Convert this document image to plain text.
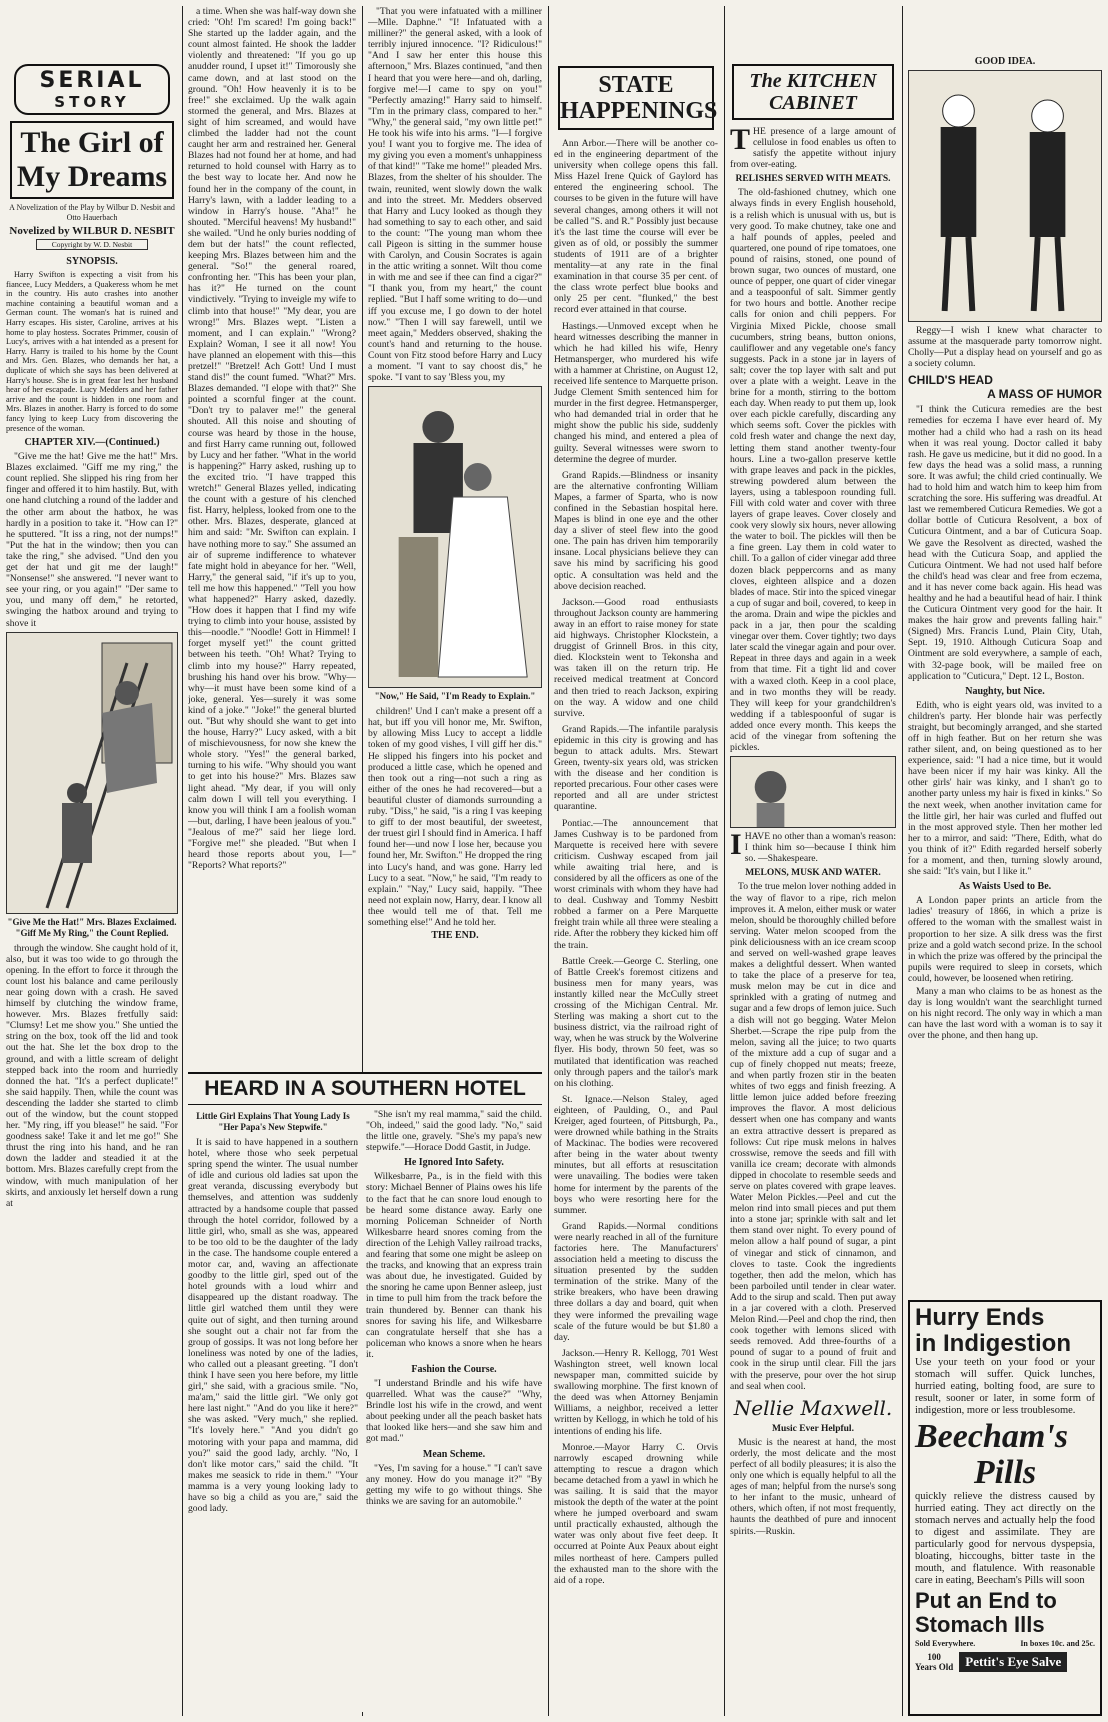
SERIAL
STORY
The Girl of
My Dreams
A Novelization of the Play by Wilbur D. Nesbit and Otto Hauerbach
Novelized by WILBUR D. NESBIT
Copyright by W. D. Nesbit
SYNOPSIS.

Harry Swifton is expecting a visit from his fiancee, Lucy Medders, a Quakeress whom he met in the country. His auto crashes into another machine containing a beautiful woman and a German count. The woman's hat is ruined and Harry escapes. His sister, Caroline, arrives at his home to play hostess. Socrates Primmer, cousin of Lucy's, arrives with a hat intended as a present for Harry. Harry is trailed to his home by the Count and Mrs. Gen. Blazes, who demands her hat, a duplicate of which she says has been delivered at Harry's house. She is in great fear lest her husband hear of her escapade. Lucy Medders and her father arrive and the count is hidden in one room and Mrs. Blazes in another. Harry is forced to do some fancy lying to keep Lucy from discovering the presence of the woman.

CHAPTER XIV.—(Continued.)

"Give me the hat! Give me the hat!" Mrs. Blazes exclaimed. "Giff me my ring," the count replied. She slipped his ring from her finger and offered it to him hastily. But, with one hand clutching a round of the ladder and the other arm about the hatbox, he was hardly in a position to take it. "How can I?" he sputtered. "It iss a ring, not der numps!" "Put the hat in the window; then you can take the ring," she advised. "Und den you get der hat und git me der laugh!" "Nonsense!" she answered. "I never want to see your ring, or you again!" "Der same to you, und many off dem," he retorted, swinging the hatbox around and trying to shove it

"Give Me the Hat!" Mrs. Blazes Exclaimed. "Giff Me My Ring," the Count Replied.

through the window. She caught hold of it, also, but it was too wide to go through the opening. In the effort to force it through the count lost his balance and came perilously near going down with a crash. He saved himself by clutching the window frame, however. Mrs. Blazes fretfully said: "Clumsy! Let me show you." She untied the string on the box, took off the lid and took out the hat. She let the box drop to the ground, and with a little scream of delight stepped back into the room and hurriedly donned the hat. "It's a perfect duplicate!" she said happily. Then, while the count was descending the ladder she started to climb out of the window, but the count stopped her. "My ring, iff you blease!" he said. "For goodness sake! Take it and let me go!" She thrust the ring into his hand, and he ran down the ladder and steadied it at the bottom. Mrs. Blazes carefully crept from the window, with much manipulation of her skirts, and anxiously let herself down a rung at

a time. When she was half-way down she cried: "Oh! I'm scared! I'm going back!" She started up the ladder again, and the count almost fainted. He shook the ladder violently and threatened: "If you go up anudder round, I upset it!" Timorously she came down, and at last stood on the ground. "Oh! How heavenly it is to be free!" she exclaimed. Up the walk again stormed the general, and Mrs. Blazes at sight of him screamed, and would have climbed the ladder had not the count caught her arm and restrained her. General Blazes had not found her at home, and had returned to hold counsel with Harry as to the best way to locate her. And now he found her in the company of the count, in Harry's lawn, with a ladder leading to a window in Harry's house. "Aha!" he shouted. "Merciful heavens! My husband!" she wailed. "Und he only buries nodding of dem but der hats!" the count reflected, keeping Mrs. Blazes between him and the general. "So!" the general roared, confronting her. "This has been your plan, has it?" He turned on the count vindictively. "Trying to inveigle my wife to climb into that house!" "My dear, you are wrong!" Mrs. Blazes wept. "Listen a moment, and I can explain." "Wrong? Explain? Woman, I see it all now! You have planned an elopement with this—this pretzel!" "Bretzel! Ach Gott! Und I must stand dis!" the count fumed. "What?" Mrs. Blazes demanded. "I elope with that?" She pointed a scornful finger at the count. "Don't try to palaver me!" the general shouted. All this noise and shouting of course was heard by those in the house, and first Harry came running out, followed by Lucy and her father. "What in the world is happening?" Harry asked, rushing up to the excited trio. "I have trapped this wretch!" General Blazes yelled, indicating the count with a gesture of his clenched fist. Harry, helpless, looked from one to the other. Mrs. Blazes, desperate, glanced at him and said: "Mr. Swifton can explain. I have nothing more to say." She assumed an air of supreme indifference to whatever fate might hold in abeyance for her. "Well, Harry," the general said, "if it's up to you, tell me how this happened." "Tell you how what happened?" Harry asked, dazedly. "How does it happen that I find my wife trying to climb into your house, assisted by this—noodle." "Noodle! Gott in Himmel! I forget myself yet!" the count gritted between his teeth. "Oh! What? Trying to climb into my house?" Harry repeated, brushing his hand over his brow. "Why—why—it must have been some kind of a joke, general. Yes—surely it was some kind of a joke." "Joke!" the general blurted out. "But why should she want to get into the house, Harry?" Lucy asked, with a bit of mischievousness, for now she knew the whole story. "Yes!" the general barked, turning to his wife. "Why should you want to get into his house?" Mrs. Blazes saw light ahead. "My dear, if you will only calm down I will tell you everything. I know you will think I am a foolish woman—but, darling, I have been jealous of you." "Jealous of me?" said her liege lord. "Forgive me!" she pleaded. "But when I heard those reports about you, I—" "Reports? What reports?"

"That you were infatuated with a milliner—Mlle. Daphne." "I! Infatuated with a milliner?" the general asked, with a look of terribly injured innocence. "I? Ridiculous!" "And I saw her enter this house this afternoon," Mrs. Blazes continued, "and then I heard that you were here—and oh, darling, forgive me!—I came to spy on you!" "Perfectly amazing!" Harry said to himself. "I'm in the primary class, compared to her." "Why," the general said, "my own little pet!" He took his wife into his arms. "I—I forgive you! I want you to forgive me. The idea of my giving you even a moment's unhappiness of that kind!" "Take me home!" pleaded Mrs. Blazes, from the shelter of his shoulder. The twain, reunited, went slowly down the walk and into the street. Mr. Medders observed that Harry and Lucy looked as though they had something to say to each other, and said to the count: "The young man whom thee call Pigeon is sitting in the summer house with Carolyn, and Cousin Socrates is again in the attic writing a sonnet. Wilt thou come in with me and see if thee can find a cigar?" "I thank you, from my heart," the count replied. "But I haff some writing to do—und iff you excuse me, I go down to der hotel now." "Then I will say farewell, until we meet again," Medders observed, shaking the count's hand and returning to the house. Count von Fitz stood before Harry and Lucy a moment. "I vant to say choost dis," he spoke. "I vant to say 'Bless you, my

"Now," He Said, "I'm Ready to Explain."

children!' Und I can't make a present off a hat, but iff you vill honor me, Mr. Swifton, by allowing Miss Lucy to accept a liddle token of my good vishes, I vill giff her dis." He slipped his fingers into his pocket and produced a little case, which he opened and then took out a ring—not such a ring as either of the ones he had recovered—but a beautiful cluster of diamonds surrounding a ruby. "Diss," he said, "is a ring I vas keeping to giff to der most beautiful, der sweetest, der truest girl I should find in America. I haff found her—und now I lose her, because you found her, Mr. Swifton." He dropped the ring into Lucy's hand, and was gone. Harry led Lucy to a seat. "Now," he said, "I'm ready to explain." "Nay," Lucy said, happily. "Thee need not explain now, Harry, dear. I know all thee would tell me of that. Tell me something else!" And he told her.

THE END.
HEARD IN A SOUTHERN HOTEL
Little Girl Explains That Young Lady Is "Her Papa's New Stepwife."

It is said to have happened in a southern hotel, where those who seek perpetual spring spend the winter. The usual number of idle and curious old ladies sat upon the great veranda, discussing everybody but themselves, and attention was suddenly attracted by a handsome couple that passed through the hotel corridor, followed by a little girl, who, small as she was, appeared to be too old to be the daughter of the lady in the case. The handsome couple entered a motor car, and, waving an affectionate goodby to the little girl, sped out of the hotel grounds with a loud whirr and disappeared up the distant roadway. The little girl watched them until they were quite out of sight, and then turning around she sought out a chair not far from the group of gossips. It was not long before her loneliness was noted by one of the ladies, who called out a pleasant greeting. "I don't think I have seen you here before, my little girl," she said, with a gracious smile. "No, ma'am," said the little girl. "We only got here last night." "And do you like it here?" she was asked. "Very much," she replied. "It's lovely here." "And you didn't go motoring with your papa and mamma, did you?" said the good lady, archly. "No, I don't like motor cars," said the child. "It makes me seasick to ride in them." "Your mamma is a very young looking lady to have so big a child as you are," said the good lady.

"She isn't my real mamma," said the child. "Oh, indeed," said the good lady. "No," said the little one, gravely. "She's my papa's new stepwife."—Horace Dodd Gastit, in Judge.

He Ignored Into Safety.

Wilkesbarre, Pa., is in the field with this story: Michael Benner of Plains owes his life to the fact that he can snore loud enough to be heard some distance away. Early one morning Policeman Schneider of North Wilkesbarre heard snores coming from the direction of the Lehigh Valley railroad tracks, and fearing that some one might be asleep on the tracks, and knowing that an express train was about due, he investigated. Guided by the snoring he came upon Benner asleep, just in time to pull him from the track before the train thundered by. Benner can thank his snores for saving his life, and Wilkesbarre can congratulate herself that she has a policeman who knows a snore when he hears it.

Fashion the Course.

"I understand Brindle and his wife have quarrelled. What was the cause?" "Why, Brindle lost his wife in the crowd, and went about peeking under all the peach basket hats that looked like hers—and she saw him and got mad."

Mean Scheme.

"Yes, I'm saving for a house." "I can't save any money. How do you manage it?" "By getting my wife to go without things. She thinks we are saving for an automobile."

STATE
HAPPENINGS

Ann Arbor.—There will be another co-ed in the engineering department of the university when college opens this fall. Miss Hazel Irene Quick of Gaylord has entered the engineering school. The courses to be given in the future will have several changes, among others it will not be called "S. and R." Possibly just because it's the last time the course will ever be given as of old, or possibly the summer students of 1911 are of a brighter mentality—at any rate in the final examination in that course 35 per cent. of the class wrote perfect blue books and only 25 per cent. "flunked," the best record ever attained in that course.

Hastings.—Unmoved except when he heard witnesses describing the manner in which he had killed his wife, Henry Hetmansperger, who murdered his wife with a hammer at Christine, on August 12, received life sentence to Marquette prison. Judge Clement Smith sentenced him for murder in the first degree. Hetmansperger, who had demanded trial in order that he might show the public his side, suddenly changed his mind, and entered a plea of guilty. Several witnesses were sworn to determine the degree of murder.

Grand Rapids.—Blindness or insanity are the alternative confronting William Mapes, a farmer of Sparta, who is now confined in the Sebastian hospital here. Mapes is blind in one eye and the other day a sliver of steel flew into the good one. The pain has driven him temporarily insane. Local physicians believe they can save his mind by sacrificing his good optic. A consultation was held and the above decision reached.

Jackson.—Good road enthusiasts throughout Jackson county are hammering away in an effort to raise money for state aid highways. Christopher Klockstein, a druggist of Grinnell Bros. in this city, died. Klockstein went to Tekonsha and was taken ill on the return trip. He received medical treatment at Concord and then tried to reach Jackson, expiring on the way. A widow and one child survive.

Grand Rapids.—The infantile paralysis epidemic in this city is growing and has begun to attack adults. Mrs. Stewart Green, twenty-six years old, was stricken with the disease and her condition is reported precarious. Four other cases were reported and all are under strictest quarantine.

Pontiac.—The announcement that James Cushway is to be pardoned from Marquette is received here with severe criticism. Cushway escaped from jail while awaiting trial here, and is considered by all the officers as one of the worst criminals with whom they have had to deal. Cushway and Tommy Nesbitt robbed a farmer on a Pere Marquette freight train while all three were stealing a ride. After the robbery they kicked him off the train.

Battle Creek.—George C. Sterling, one of Battle Creek's foremost citizens and business men for many years, was instantly killed near the McCully street crossing of the Michigan Central. Mr. Sterling was making a short cut to the business district, via the railroad right of way, when he was struck by the Wolverine flyer. His body, thrown 50 feet, was so mutilated that identification was reached only through papers and the tailor's mark on his clothing.

St. Ignace.—Nelson Staley, aged eighteen, of Paulding, O., and Paul Kreiger, aged fourteen, of Pittsburgh, Pa., were drowned while bathing in the Straits of Mackinac. The bodies were recovered after being in the water about twenty minutes, but all efforts at resuscitation were unavailing. The bodies were taken home for interment by the parents of the boys who were resorting here for the summer.

Grand Rapids.—Normal conditions were nearly reached in all of the furniture factories here. The Manufacturers' association held a meeting to discuss the situation presented by the sudden termination of the strike. Many of the strike breakers, who have been drawing three dollars a day and board, quit when they were informed the prevailing wage scale of the future would be but $1.80 a day.

Jackson.—Henry R. Kellogg, 701 West Washington street, well known local newspaper man, committed suicide by swallowing morphine. The first known of the deed was when Attorney Benjamin Williams, a neighbor, received a letter written by Kellogg, in which he told of his intentions of ending his life.

Monroe.—Mayor Harry C. Orvis narrowly escaped drowning while attempting to rescue a dragon which became detached from a yawl in which he was sailing. It is said that the mayor mistook the depth of the water at the point where he jumped overboard and swam until practically exhausted, although the water was only about five feet deep. It occurred at Pointe Aux Peaux about eight miles northeast of here. Campers pulled the exhausted man to the shore with the aid of a rope.

The KITCHEN
CABINET

THE presence of a large amount of cellulose in food enables us often to satisfy the appetite without injury from over-eating.

RELISHES SERVED WITH MEATS.

The old-fashioned chutney, which one always finds in every English household, is a relish which is unusual with us, but is very good. To make chutney, take one and a half pounds of apples, peeled and quartered, one pound of ripe tomatoes, one pound of raisins, stoned, one pound of brown sugar, two ounces of mustard, one ounce of pepper, one quart of cider vinegar and a teaspoonful of salt. Simmer gently for two hours and bottle. Another recipe calls for onion and chili peppers. For Virginia Mixed Pickle, choose small cucumbers, string beans, button onions, cauliflower and any vegetable one's fancy suggests. Pack in a stone jar in layers of salt; cover the top layer with salt and put over a plate with a weight. Leave in the brine for a month, stirring to the bottom each day. When ready to put them up, look over each pickle carefully, discarding any which seems soft. Cover the pickles with cold fresh water and change the next day, letting them stand another twenty-four hours. Line a two-gallon preserve kettle with grape leaves and pack in the pickles, strewing powdered alum between the layers, using a tablespoon rounding full. Fill with cold water and cover with three layers of grape leaves. Cover closely and cook very slowly six hours, never allowing the water to boil. The pickles will then be a fine green. Lay them in cold water to chill. To a gallon of cider vinegar add three dozen black peppercorns and as many cloves, eighteen allspice and a dozen blades of mace. Stir into the spiced vinegar a cup of sugar and boil, covered, to keep in the aroma. Drain and wipe the pickles and pack in a jar, then pour the scalding vinegar over them. Cover tightly; two days later scald the vinegar again and pour over. Repeat in three days and again in a week from that time. Fit a tight lid and cover with a waxed cloth. Keep in a cool place, and in two months they will be ready. They will keep for your grandchildren's wedding if a tablespoonful of sugar is added once every month. This keeps the acid of the vinegar from softening the pickles.

IHAVE no other than a woman's reason: I think him so—because I think him so. —Shakespeare.

MELONS, MUSK AND WATER.

To the true melon lover nothing added in the way of flavor to a ripe, rich melon improves it. A melon, either musk or water melon, should be thoroughly chilled before serving. Water melon scooped from the pink deliciousness with an ice cream scoop and served on well-washed grape leaves makes a delightful dessert. When wanted to take the place of a preserve for tea, musk melon may be cut in dice and sprinkled with a grating of nutmeg and sugar and a few drops of lemon juice. Such a dish will not go begging. Water Melon Sherbet.—Scrape the ripe pulp from the melon, saving all the juice; to two quarts of the mixture add a cup of sugar and a cup of finely chopped nut meats; freeze, and when partly frozen stir in the beaten whites of two eggs and finish freezing. A little lemon juice added before freezing improves the flavor. A most delicious dessert when one has company and wants an extra attractive dessert is prepared as follows: Cut ripe musk melons in halves crosswise, remove the seeds and fill with vanilla ice cream; decorate with almonds dipped in chocolate to resemble seeds and serve on plates covered with grape leaves. Water Melon Pickles.—Peel and cut the melon rind into small pieces and put them into a stone jar; sprinkle with salt and let them stand over night. To every pound of melon allow a half pound of sugar, a pint of vinegar and stick of cinnamon, and cloves to taste. Cook the ingredients together, then add the melon, which has been parboiled until tender in clear water. Add to the sirup and scald. Then put away in a jar covered with a cloth. Preserved Melon Rind.—Peel and chop the rind, then cook together with lemons sliced with seeds removed. Add three-fourths of a pound of sugar to a pound of fruit and cook in the sirup until clear. Fill the jars with the preserve, pour over the hot sirup and seal when cool.

Nellie Maxwell.
Music Ever Helpful.

Music is the nearest at hand, the most orderly, the most delicate and the most perfect of all bodily pleasures; it is also the only one which is equally helpful to all the ages of man; helpful from the nurse's song to her infant to the music, unheard of others, which often, if not most frequently, haunts the deathbed of pure and innocent spirits.—Ruskin.

GOOD IDEA.

Reggy—I wish I knew what character to assume at the masquerade party tomorrow night. Cholly—Put a display head on yourself and go as a society column.

CHILD'S HEAD
A MASS OF HUMOR

"I think the Cuticura remedies are the best remedies for eczema I have ever heard of. My mother had a child who had a rash on its head when it was real young. Doctor called it baby rash. He gave us medicine, but it did no good. In a few days the head was a solid mass, a running sore. It was awful; the child cried continually. We had to hold him and watch him to keep him from scratching the sore. His suffering was dreadful. At last we remembered Cuticura Remedies. We got a dollar bottle of Cuticura Resolvent, a box of Cuticura Ointment, and a bar of Cuticura Soap. We gave the Resolvent as directed, washed the head with the Cuticura Soap, and applied the Cuticura Ointment. We had not used half before the child's head was clear and free from eczema, and it has never come back again. His head was healthy and he had a beautiful head of hair. I think the Cuticura Ointment very good for the hair. It makes the hair grow and prevents falling hair." (Signed) Mrs. Francis Lund, Plain City, Utah, Sept. 19, 1910. Although Cuticura Soap and Ointment are sold everywhere, a sample of each, with 32-page book, will be mailed free on application to "Cuticura," Dept. 12 L, Boston.

Naughty, but Nice.

Edith, who is eight years old, was invited to a children's party. Her blonde hair was perfectly straight, but becomingly arranged, and she started off in high feather. But on her return she was rather silent, and, on being questioned as to her experience, said: "I had a nice time, but it would have been nicer if my hair was kinky. All the other girls' hair was kinky, and I shan't go to another party unless my hair is fixed in kinks." So the next week, when another invitation came for the little girl, her hair was curled and fluffed out in the most approved style. Then her mother led her to a mirror, and said: "There, Edith, what do you think of it?" Edith regarded herself soberly for a moment, and then, turning slowly around, she said: "It's vain, but I like it."

As Waists Used to Be.

A London paper prints an article from the ladies' treasury of 1866, in which a prize is offered to the woman with the smallest waist in proportion to her size. A silk dress was the first prize and a gold watch second prize. In the school in which the prize was offered by the principal the pupils were required to sleep in corsets, which could, however, be loosened when retiring.

Many a man who claims to be as honest as the day is long wouldn't want the searchlight turned on his night record. The only way in which a man can have the last word with a woman is to say it over the phone, and then hang up.

Hurry Ends
in Indigestion

Use your teeth on your food or your stomach will suffer. Quick lunches, hurried eating, bolting food, are sure to result, sooner or later, in some form of indigestion, more or less troublesome.

Beecham's
Pills

quickly relieve the distress caused by hurried eating. They act directly on the stomach nerves and actually help the food to digest and assimilate. They are particularly good for nervous dyspepsia, bloating, hiccoughs, bitter taste in the mouth, and flatulence. With reasonable care in eating, Beecham's Pills will soon

Put an End to
Stomach Ills
Sold Everywhere.	In boxes 10c. and 25c.
100
Years Old Pettit's Eye Salve
